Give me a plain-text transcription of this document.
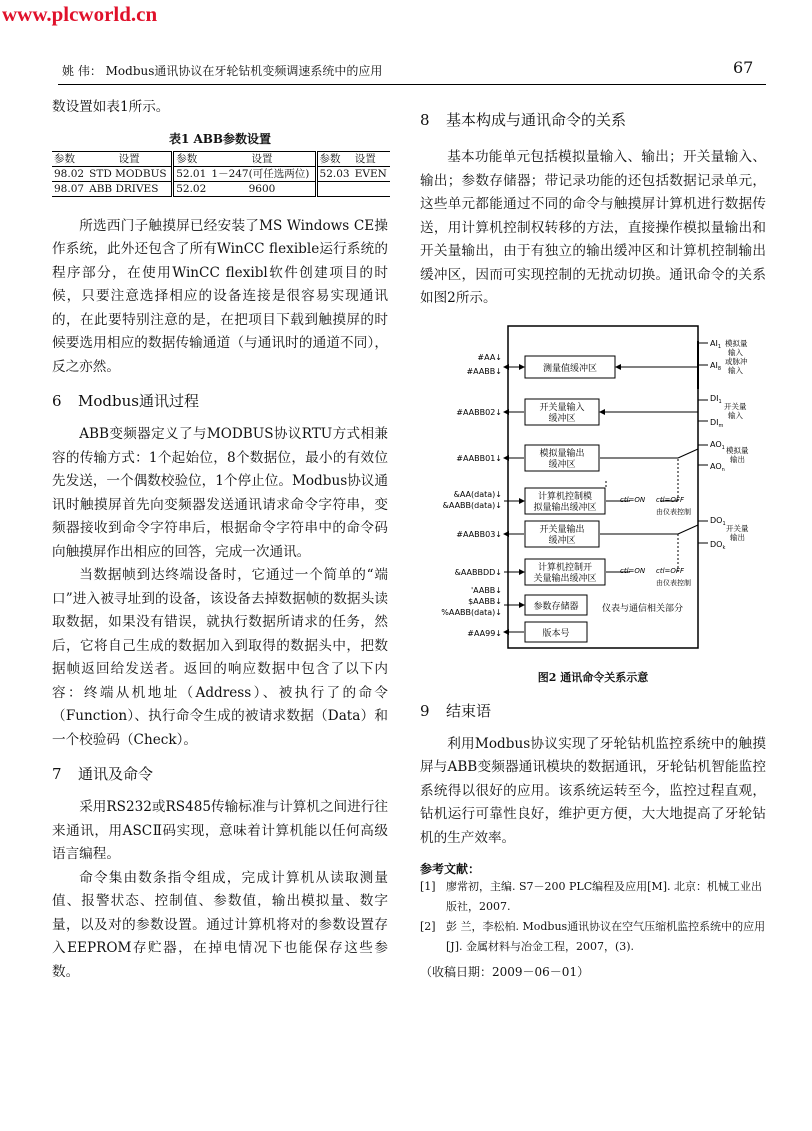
www.plcworld.cn
姚 伟： Modbus通讯协议在牙轮钻机变频调速系统中的应用	67

数设置如表1所示。

表1 ABB参数设置
参数	设置	参数	设置	参数	设置
98.02	STD MODBUS	52.01	1－247(可任选两位)	52.03	EVEN
98.07	ABB DRIVES	52.02	9600		

所选西门子触摸屏已经安装了MS Windows CE操作系统，此外还包含了所有WinCC flexible运行系统的程序部分，在使用WinCC flexibl软件创建项目的时候，只要注意选择相应的设备连接是很容易实现通讯的，在此要特别注意的是，在把项目下载到触摸屏的时候要选用相应的数据传输通道（与通讯时的通道不同），反之亦然。

6 Modbus通讯过程

ABB变频器定义了与MODBUS协议RTU方式相兼容的传输方式：1个起始位，8个数据位，最小的有效位先发送，一个偶数校验位，1个停止位。Modbus协议通讯时触摸屏首先向变频器发送通讯请求命令字符串，变频器接收到命令字符串后，根据命令字符串中的命令码向触摸屏作出相应的回答，完成一次通讯。

当数据帧到达终端设备时，它通过一个简单的“端口”进入被寻址到的设备，该设备去掉数据帧的数据头读取数据，如果没有错误，就执行数据所请求的任务，然后，它将自己生成的数据加入到取得的数据头中，把数据帧返回给发送者。返回的响应数据中包含了以下内容：终端从机地址（Address）、被执行了的命令（Function）、执行命令生成的被请求数据（Data）和一个校验码（Check）。

7 通讯及命令

采用RS232或RS485传输标准与计算机之间进行往来通讯，用ASCⅡ码实现，意味着计算机能以任何高级语言编程。

命令集由数条指令组成，完成计算机从读取测量值、报警状态、控制值、参数值，输出模拟量、数字量，以及对的参数设置。通过计算机将对的参数设置存入EEPROM存贮器，在掉电情况下也能保存这些参数。

8 基本构成与通讯命令的关系

基本功能单元包括模拟量输入、输出；开关量输入、输出；参数存储器；带记录功能的还包括数据记录单元，这些单元都能通过不同的命令与触摸屏计算机进行数据传送，用计算机控制权转移的方法，直接操作模拟量输出和开关量输出，由于有独立的输出缓冲区和计算机控制输出缓冲区，因而可实现控制的无扰动切换。通讯命令的关系如图2所示。

测量值缓冲区
开关量输入
缓冲区
模拟量输出
缓冲区
计算机控制模
拟量输出缓冲区
开关量输出
缓冲区
计算机控制开
关量输出缓冲区
参数存储器
版本号
#AA↓
#AABB↓
#AABB02↓
#AABB01↓
&AA(data)↓
&AABB(data)↓
#AABB03↓
&AABBDD↓
'AABB↓
$AABB↓
%AABB(data)↓
#AA99↓
ctl=ON ctl=OFF
由仪表控制
ctl=ON ctl=OFF
由仪表控制
仪表与通信相关部分
$AI_1$ 模拟量
输入
或脉冲
输入
$AI_8$
$DI_1$ 开关量
输入
$DI_m$
$AO_1$ 模拟量
输出
$AO_n$
$DO_1$ 开关量
输出
$DO_k$
图2 通讯命令关系示意
9 结束语

利用Modbus协议实现了牙轮钻机监控系统中的触摸屏与ABB变频器通讯模块的数据通讯，牙轮钻机智能监控系统得以很好的应用。该系统运转至今，监控过程直观，钻机运行可靠性良好，维护更方便，大大地提高了牙轮钻机的生产效率。

参考文献：
[1] 廖常初，主编. S7－200 PLC编程及应用[M]. 北京：机械工业出版社，2007.
[2] 彭 兰，李松柏. Modbus通讯协议在空气压缩机监控系统中的应用[J]. 金属材料与冶金工程，2007，(3).
（收稿日期：2009－06－01）
